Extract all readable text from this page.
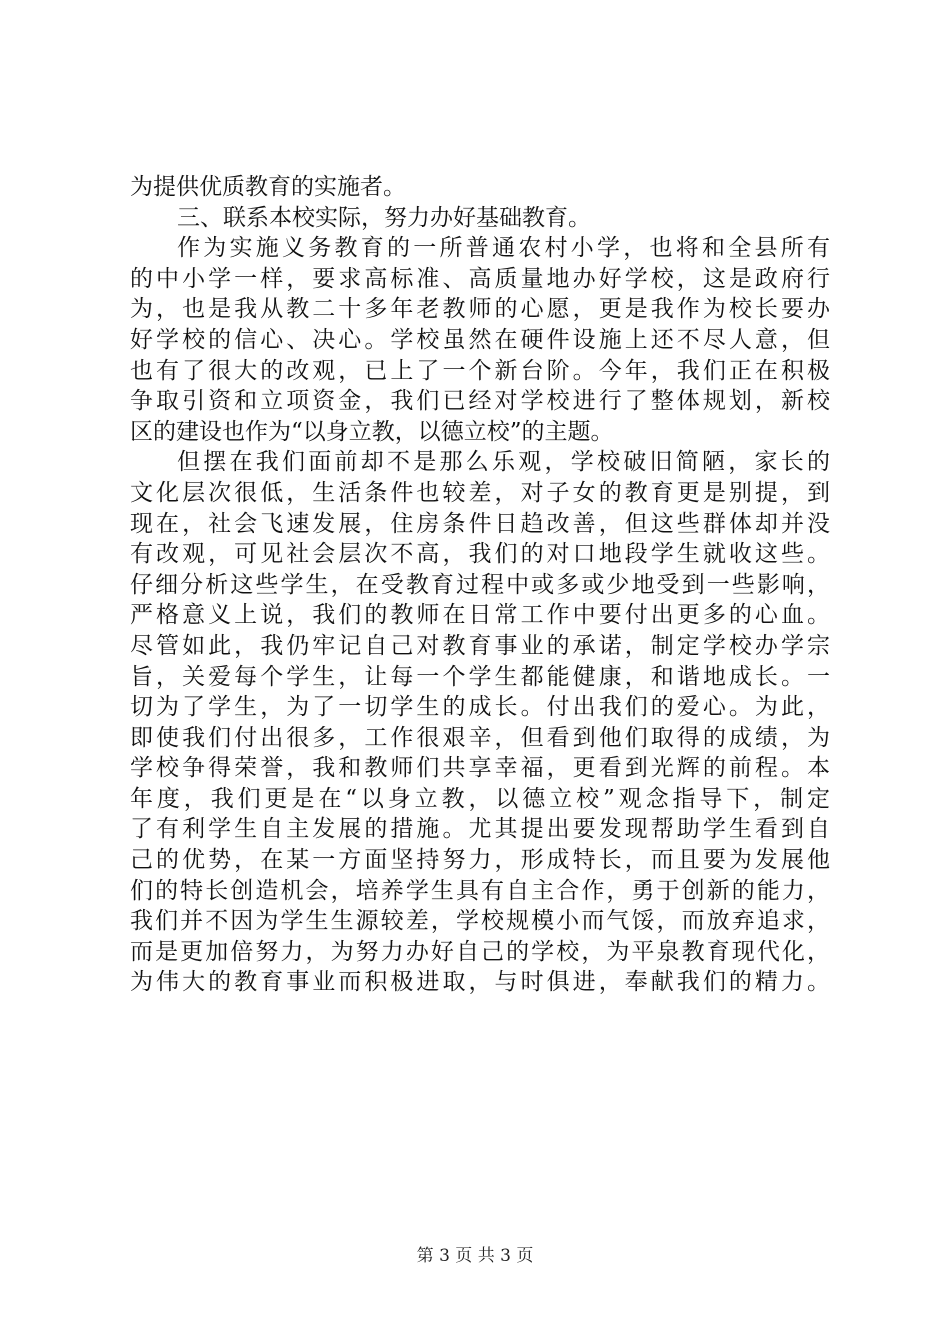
为提供优质教育的实施者。
三、联系本校实际，努力办好基础教育。
作为实施义务教育的一所普通农村小学，也将和全县所有
的中小学一样，要求高标准、高质量地办好学校，这是政府行
为，也是我从教二十多年老教师的心愿，更是我作为校长要办
好学校的信心、决心。学校虽然在硬件设施上还不尽人意，但
也有了很大的改观，已上了一个新台阶。今年，我们正在积极
争取引资和立项资金，我们已经对学校进行了整体规划，新校
区的建设也作为“以身立教，以德立校”的主题。
但摆在我们面前却不是那么乐观，学校破旧简陋，家长的
文化层次很低，生活条件也较差，对子女的教育更是别提，到
现在，社会飞速发展，住房条件日趋改善，但这些群体却并没
有改观，可见社会层次不高，我们的对口地段学生就收这些。
仔细分析这些学生，在受教育过程中或多或少地受到一些影响，
严格意义上说，我们的教师在日常工作中要付出更多的心血。
尽管如此，我仍牢记自己对教育事业的承诺，制定学校办学宗
旨，关爱每个学生，让每一个学生都能健康，和谐地成长。一
切为了学生，为了一切学生的成长。付出我们的爱心。为此，
即使我们付出很多，工作很艰辛，但看到他们取得的成绩，为
学校争得荣誉，我和教师们共享幸福，更看到光辉的前程。本
年度，我们更是在“以身立教，以德立校”观念指导下，制定
了有利学生自主发展的措施。尤其提出要发现帮助学生看到自
己的优势，在某一方面坚持努力，形成特长，而且要为发展他
们的特长创造机会，培养学生具有自主合作，勇于创新的能力，
我们并不因为学生生源较差，学校规模小而气馁，而放弃追求，
而是更加倍努力，为努力办好自己的学校，为平泉教育现代化，
为伟大的教育事业而积极进取，与时俱进，奉献我们的精力。
第 3 页 共 3 页
